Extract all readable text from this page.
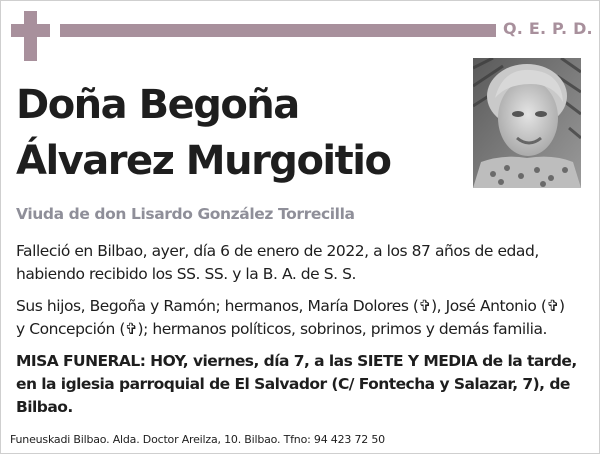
Q. E. P. D.
Doña Begoña
Álvarez Murgoitio
Viuda de don Lisardo González Torrecilla
Falleció en Bilbao, ayer, día 6 de enero de 2022, a los 87 años de edad,
habiendo recibido los SS. SS. y la B. A. de S. S.
Sus hijos, Begoña y Ramón; hermanos, María Dolores (✞), José Antonio (✞)
y Concepción (✞); hermanos políticos, sobrinos, primos y demás familia.
MISA FUNERAL: HOY, viernes, día 7, a las SIETE Y MEDIA de la tarde,
en la iglesia parroquial de El Salvador (C/ Fontecha y Salazar, 7), de
Bilbao.
Funeuskadi Bilbao. Alda. Doctor Areilza, 10. Bilbao. Tfno: 94 423 72 50
